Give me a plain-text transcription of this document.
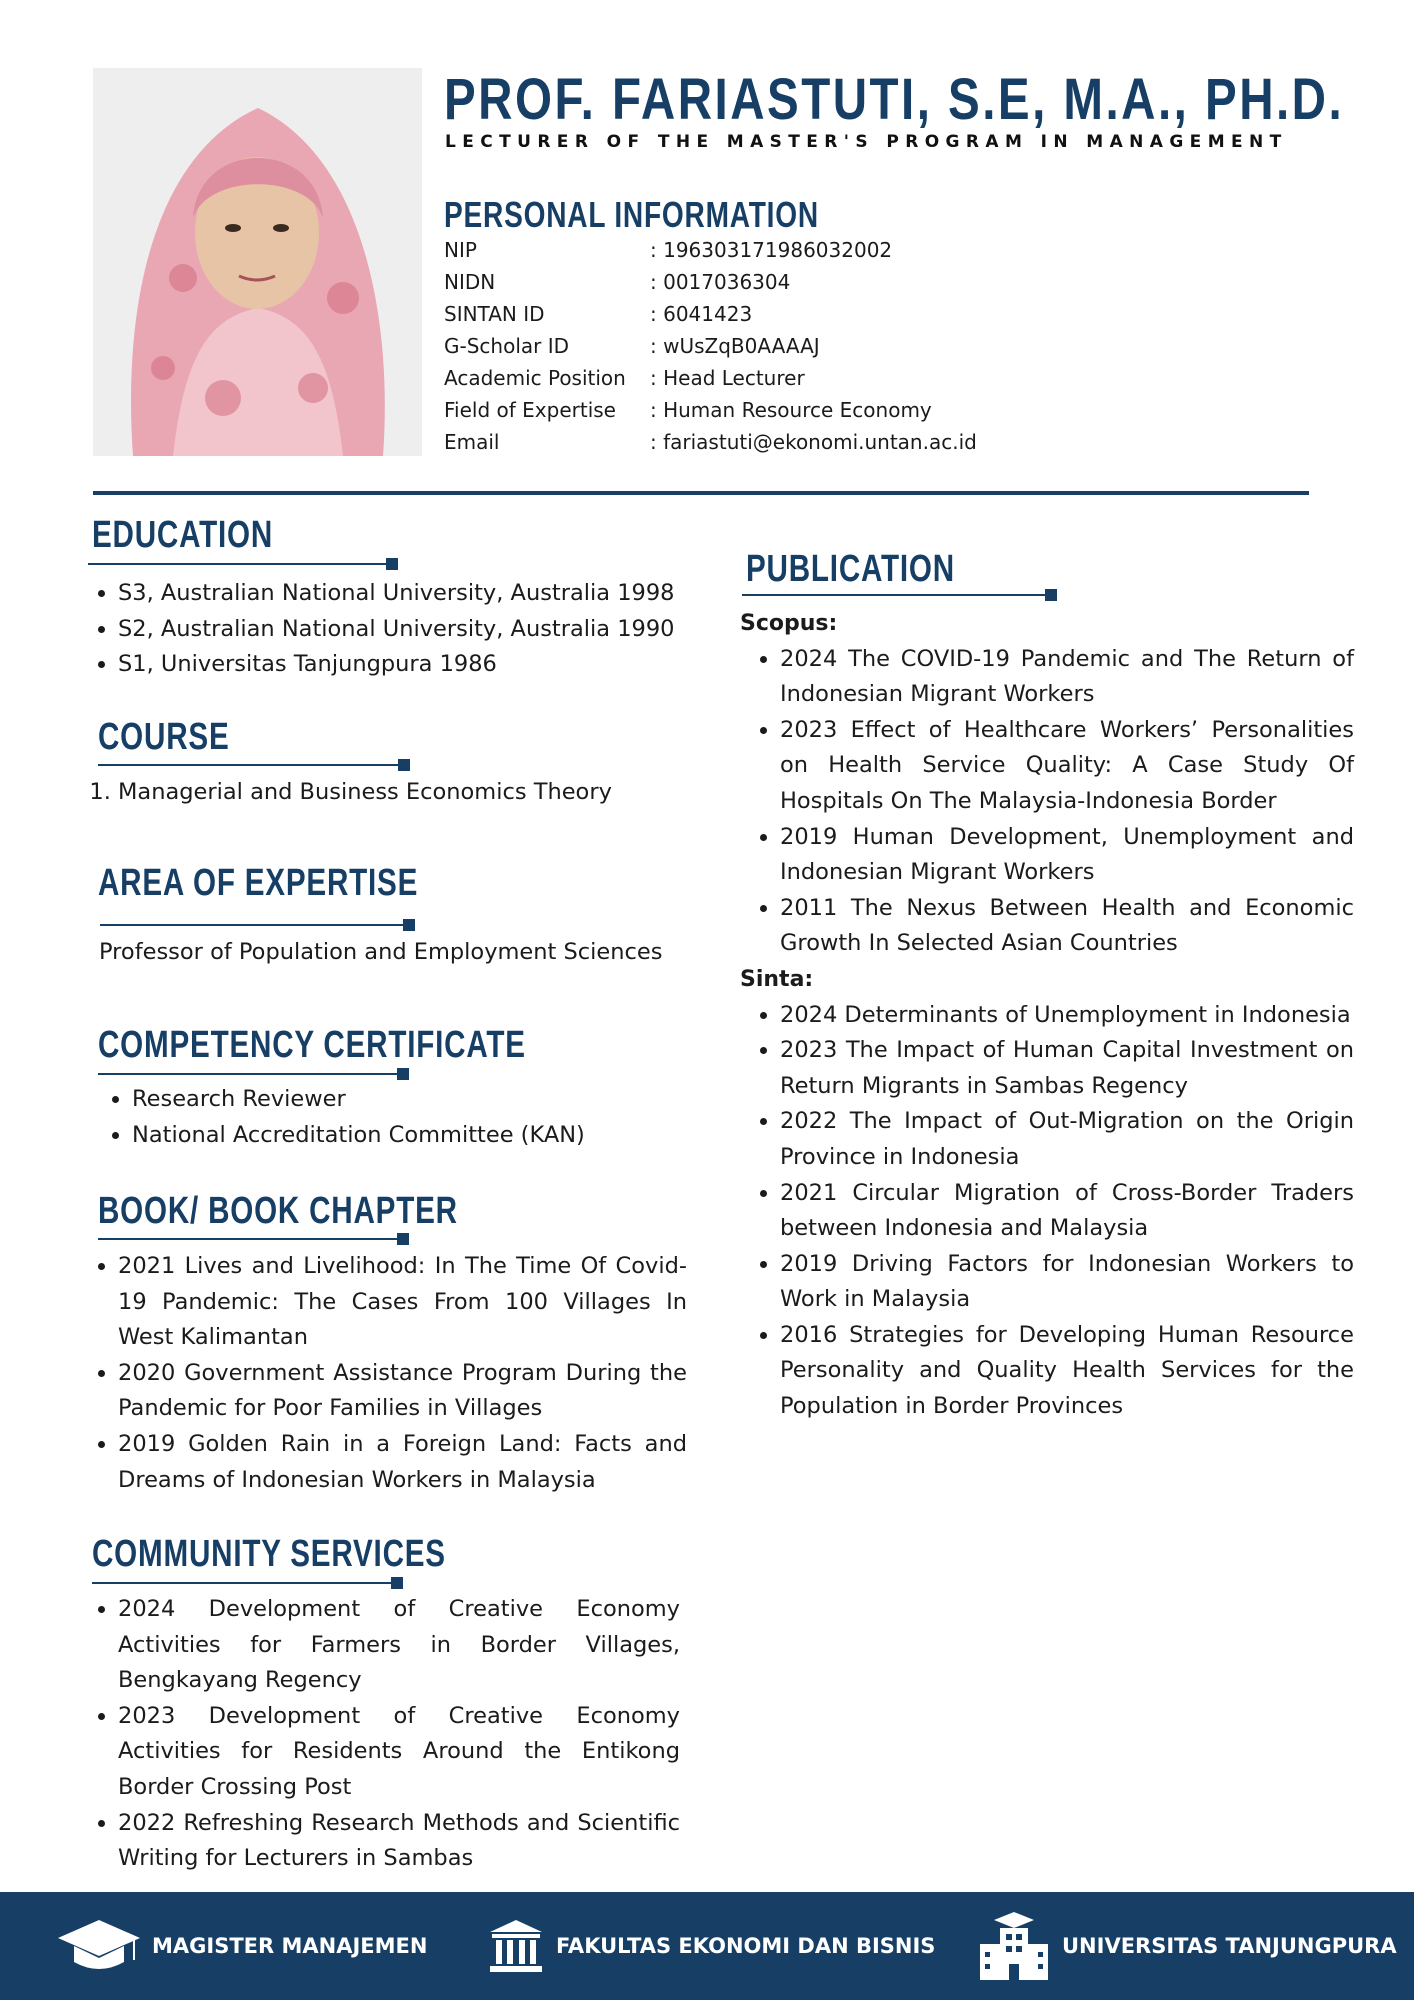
PROF. FARIASTUTI, S.E, M.A., PH.D.
LECTURER OF THE MASTER'S PROGRAM IN MANAGEMENT
PERSONAL INFORMATION
NIP	: 196303171986032002
NIDN	: 0017036304
SINTAN ID	: 6041423
G-Scholar ID	: wUsZqB0AAAAJ
Academic Position	: Head Lecturer
Field of Expertise	: Human Resource Economy
Email	: fariastuti@ekonomi.untan.ac.id
EDUCATION
• S3, Australian National University, Australia 1998
• S2, Australian National University, Australia 1990
• S1, Universitas Tanjungpura 1986
COURSE
1. Managerial and Business Economics Theory
AREA OF EXPERTISE
Professor of Population and Employment Sciences
COMPETENCY CERTIFICATE
• Research Reviewer
• National Accreditation Committee (KAN)
BOOK/ BOOK CHAPTER
• 2021 Lives and Livelihood: In The Time Of Covid-19 Pandemic: The Cases From 100 Villages In West Kalimantan
• 2020 Government Assistance Program During the Pandemic for Poor Families in Villages
• 2019 Golden Rain in a Foreign Land: Facts and Dreams of Indonesian Workers in Malaysia
COMMUNITY SERVICES
• 2024 Development of Creative Economy Activities for Farmers in Border Villages, Bengkayang Regency
• 2023 Development of Creative Economy Activities for Residents Around the Entikong Border Crossing Post
• 2022 Refreshing Research Methods and Scientific Writing for Lecturers in Sambas
PUBLICATION
Scopus:
• 2024 The COVID-19 Pandemic and The Return of Indonesian Migrant Workers
• 2023 Effect of Healthcare Workers’ Personalities on Health Service Quality: A Case Study Of Hospitals On The Malaysia-Indonesia Border
• 2019 Human Development, Unemployment and Indonesian Migrant Workers
• 2011 The Nexus Between Health and Economic Growth In Selected Asian Countries
Sinta:
• 2024 Determinants of Unemployment in Indonesia
• 2023 The Impact of Human Capital Investment on Return Migrants in Sambas Regency
• 2022 The Impact of Out-Migration on the Origin Province in Indonesia
• 2021 Circular Migration of Cross-Border Traders between Indonesia and Malaysia
• 2019 Driving Factors for Indonesian Workers to Work in Malaysia
• 2016 Strategies for Developing Human Resource Personality and Quality Health Services for the Population in Border Provinces
MAGISTER MANAJEMEN	FAKULTAS EKONOMI DAN BISNIS	UNIVERSITAS TANJUNGPURA
